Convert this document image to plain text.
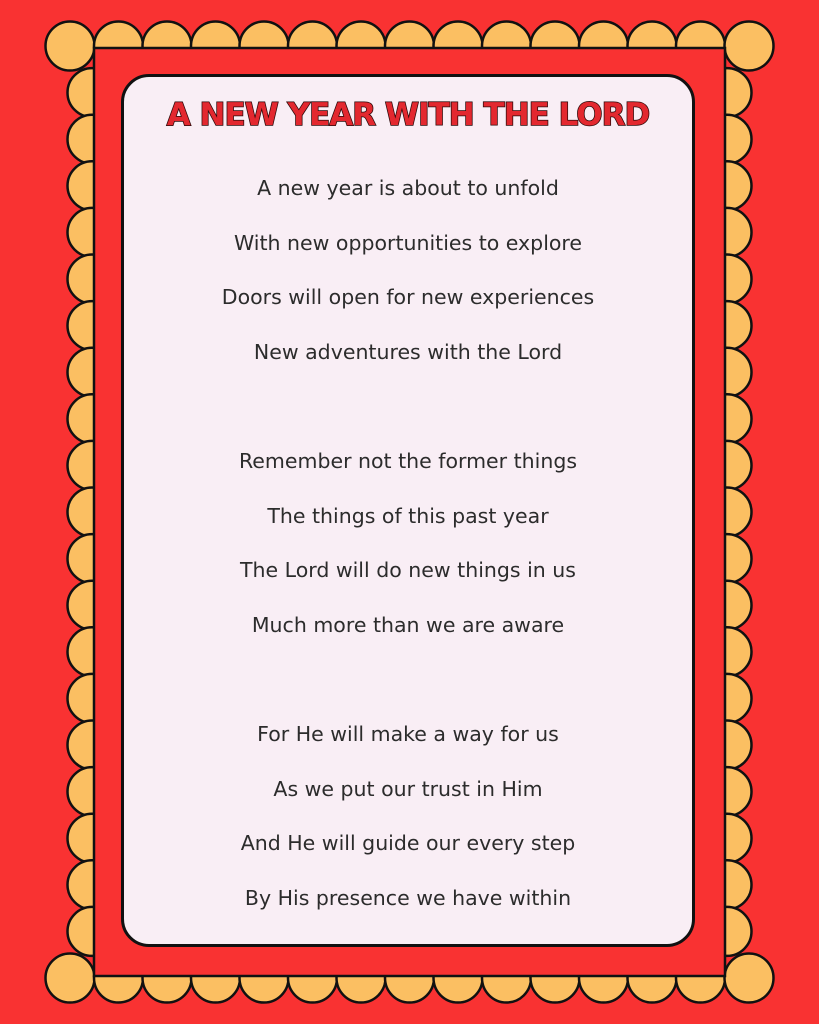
A NEW YEAR WITH THE LORD
A new year is about to unfold
With new opportunities to explore
Doors will open for new experiences
New adventures with the Lord
Remember not the former things
The things of this past year
The Lord will do new things in us
Much more than we are aware
For He will make a way for us
As we put our trust in Him
And He will guide our every step
By His presence we have within
